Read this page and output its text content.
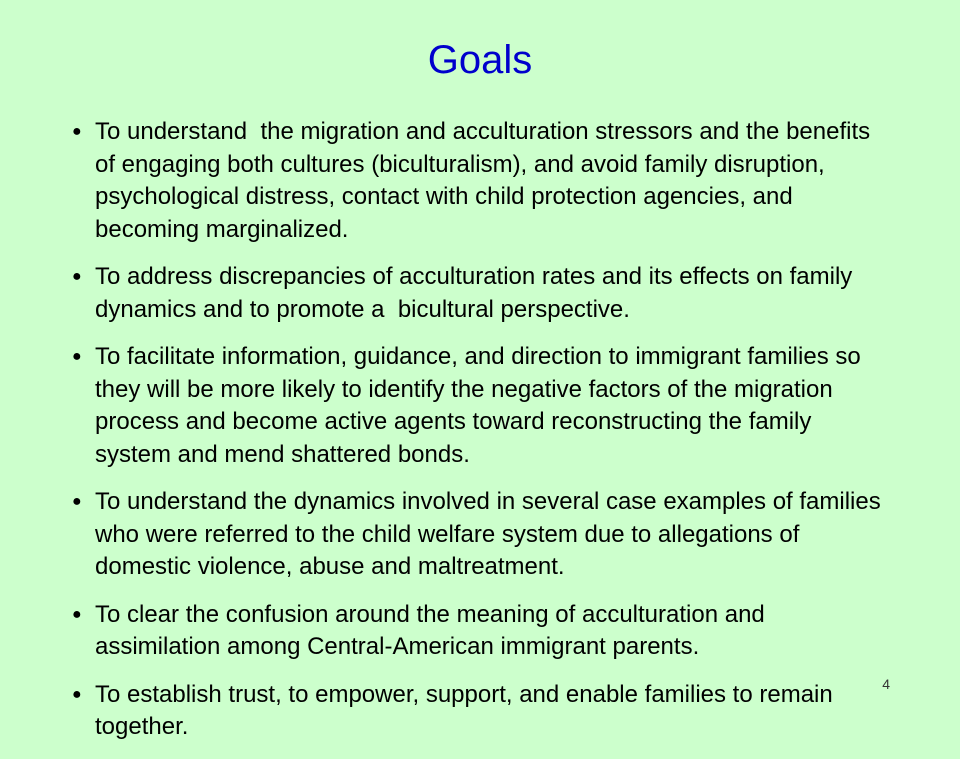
Goals
● To understand  the migration and acculturation stressors and the benefits of engaging both cultures (biculturalism), and avoid family disruption, psychological distress, contact with child protection agencies, and becoming marginalized.
● To address discrepancies of acculturation rates and its effects on family dynamics and to promote a  bicultural perspective.
● To facilitate information, guidance, and direction to immigrant families so they will be more likely to identify the negative factors of the migration process and become active agents toward reconstructing the family system and mend shattered bonds.
● To understand the dynamics involved in several case examples of families who were referred to the child welfare system due to allegations of domestic violence, abuse and maltreatment.
● To clear the confusion around the meaning of acculturation and assimilation among Central-American immigrant parents.
● To establish trust, to empower, support, and enable families to remain together.
4
